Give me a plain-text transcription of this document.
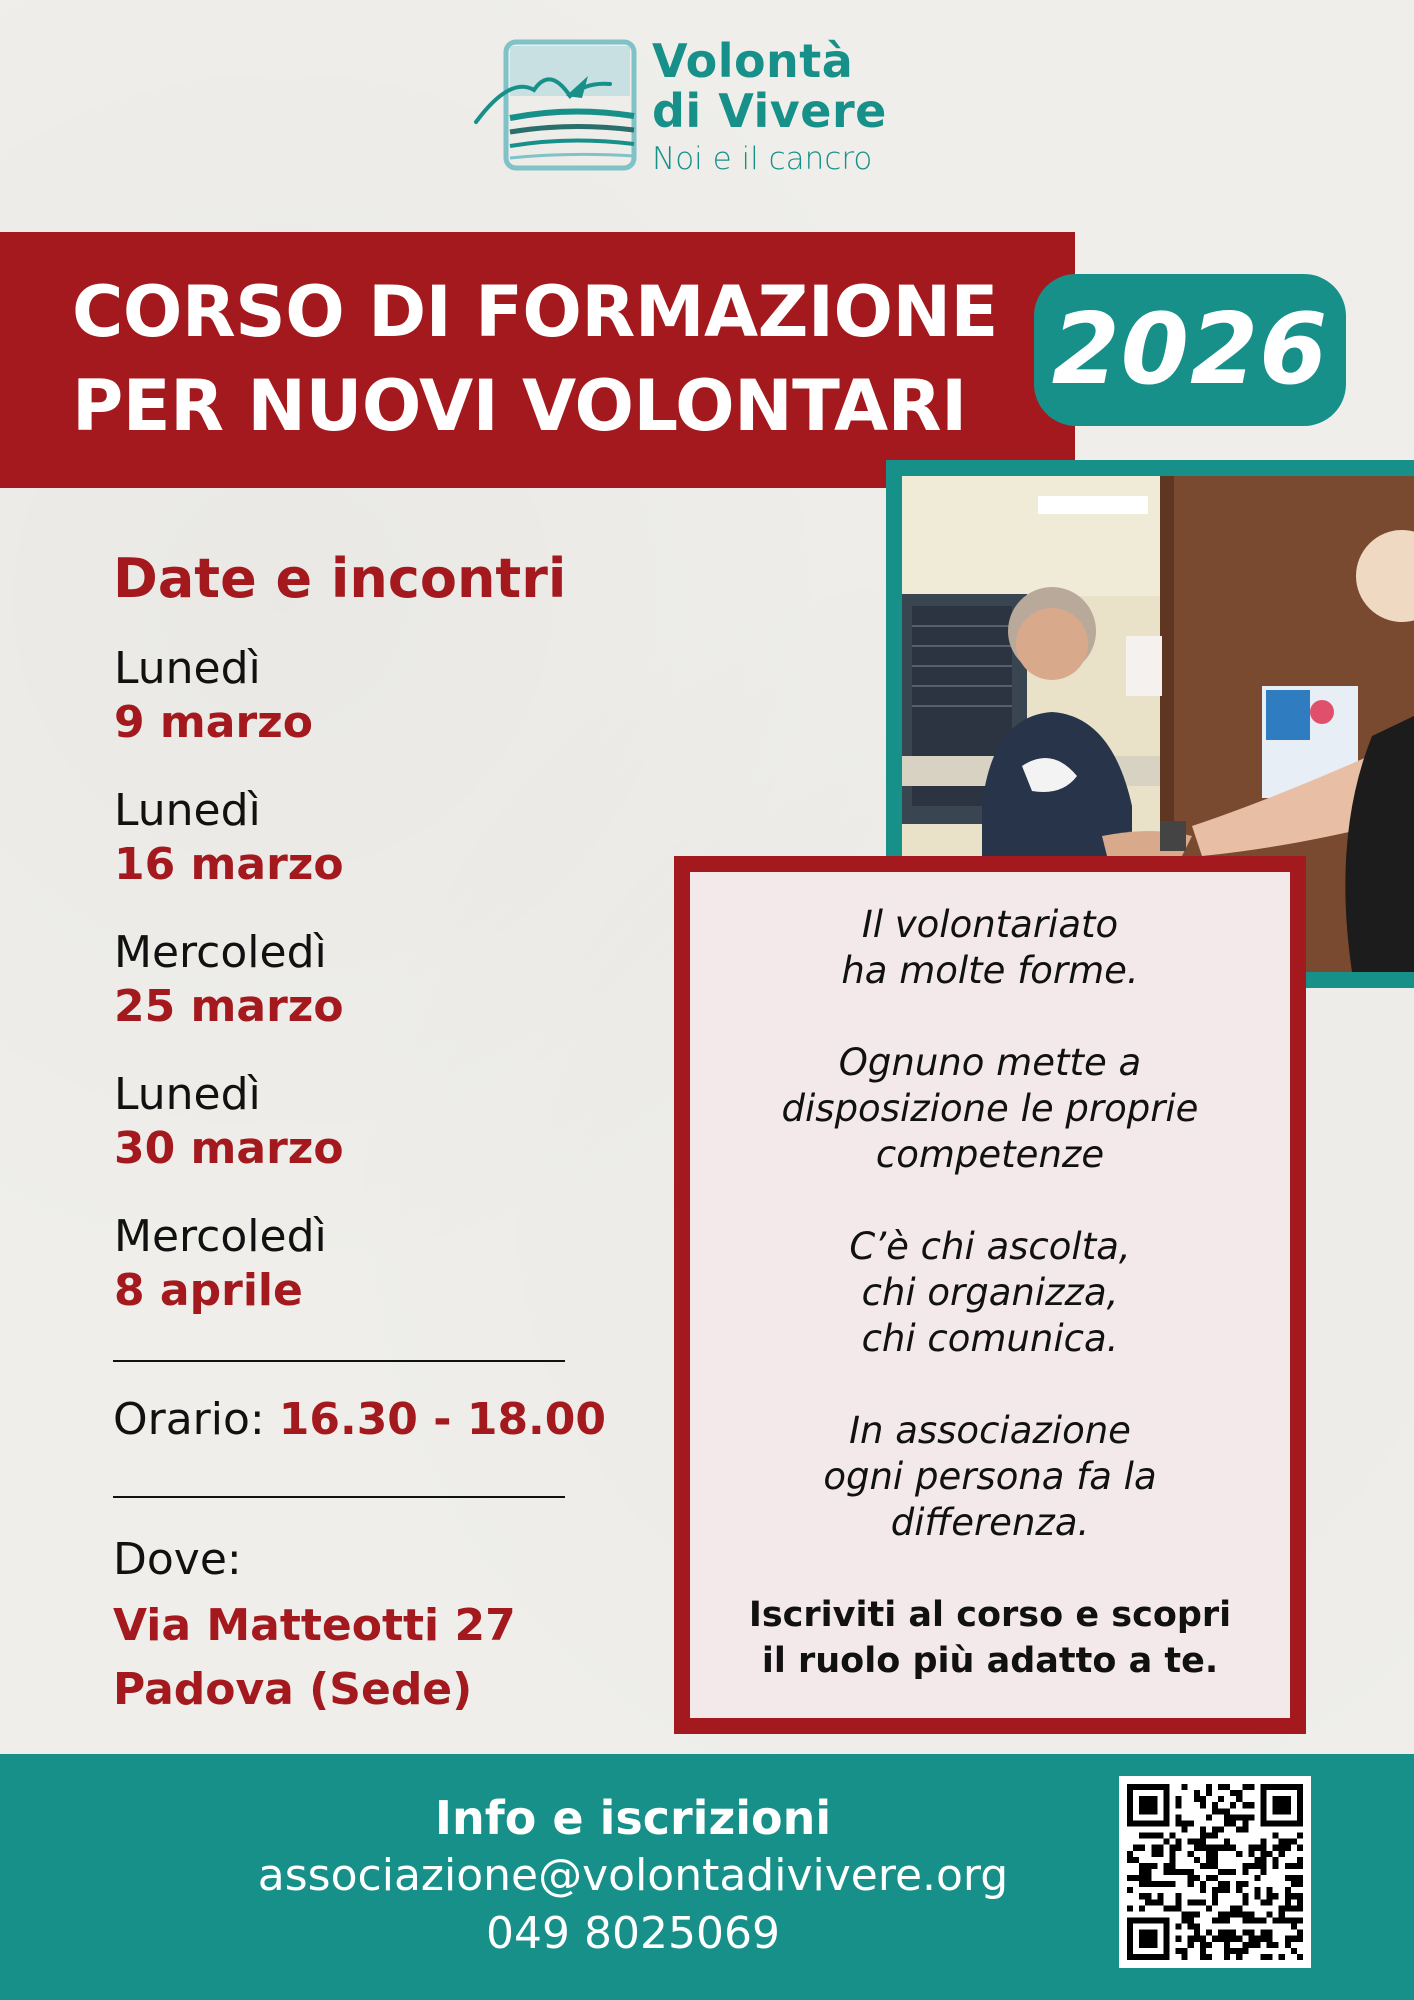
Volontà
di Vivere
Noi e il cancro
CORSO DI FORMAZIONE
PER NUOVI VOLONTARI 2026
Date e incontri
Lunedì
9 marzo
Lunedì
16 marzo
Mercoledì
25 marzo
Lunedì
30 marzo
Mercoledì
8 aprile
Orario: 16.30 - 18.00
Dove:
Via Matteotti 27
Padova (Sede)
Il volontariato
ha molte forme.
Ognuno mette a
disposizione le proprie
competenze
C’è chi ascolta,
chi organizza,
chi comunica.
In associazione
ogni persona fa la
differenza.
Iscriviti al corso e scopri
il ruolo più adatto a te.
Info e iscrizioni
associazione@volontadivivere.org
049 8025069
